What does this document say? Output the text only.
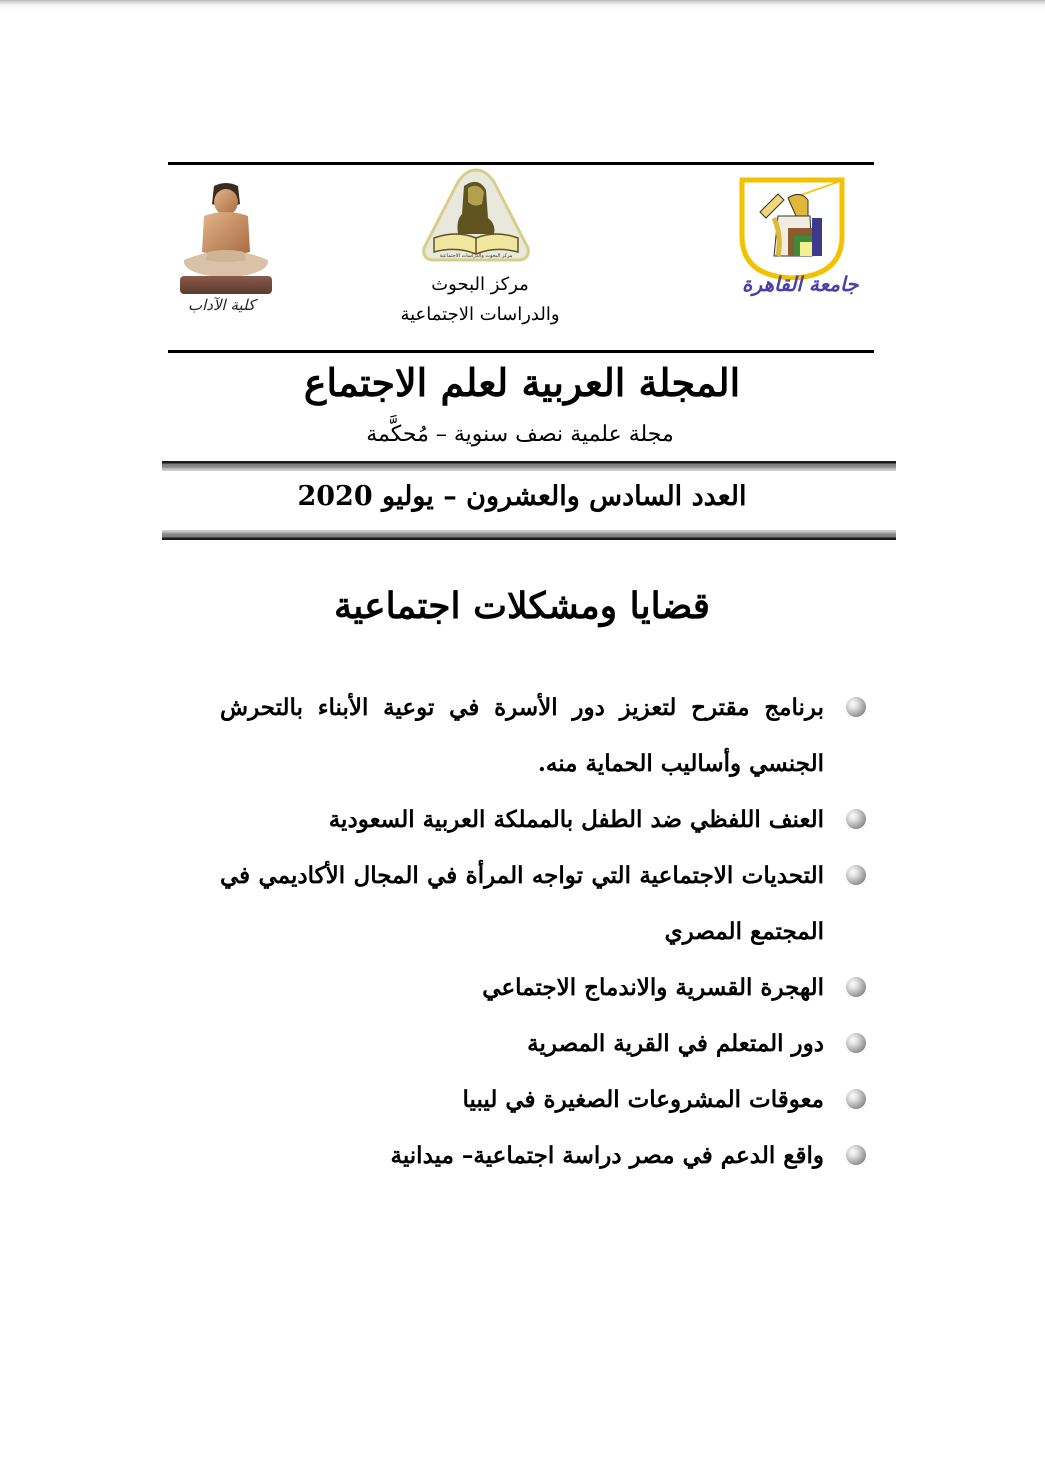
كلية الآداب
مركز البحوث والدراسات الاجتماعية
مركز البحوث
والدراسات الاجتماعية
جامعة القاهرة
المجلة العربية لعلم الاجتماع
مجلة علمية نصف سنوية – مُحكَّمة
العدد السادس والعشرون – يوليو 2020
قضايا ومشكلات اجتماعية
برنامج مقترح لتعزيز دور الأسرة في توعية الأبناء بالتحرش الجنسي وأساليب الحماية منه.
العنف اللفظي ضد الطفل بالمملكة العربية السعودية
التحديات الاجتماعية التي تواجه المرأة في المجال الأكاديمي في المجتمع المصري
الهجرة القسرية والاندماج الاجتماعي
دور المتعلم في القرية المصرية
معوقات المشروعات الصغيرة في ليبيا
واقع الدعم في مصر دراسة اجتماعية– ميدانية
